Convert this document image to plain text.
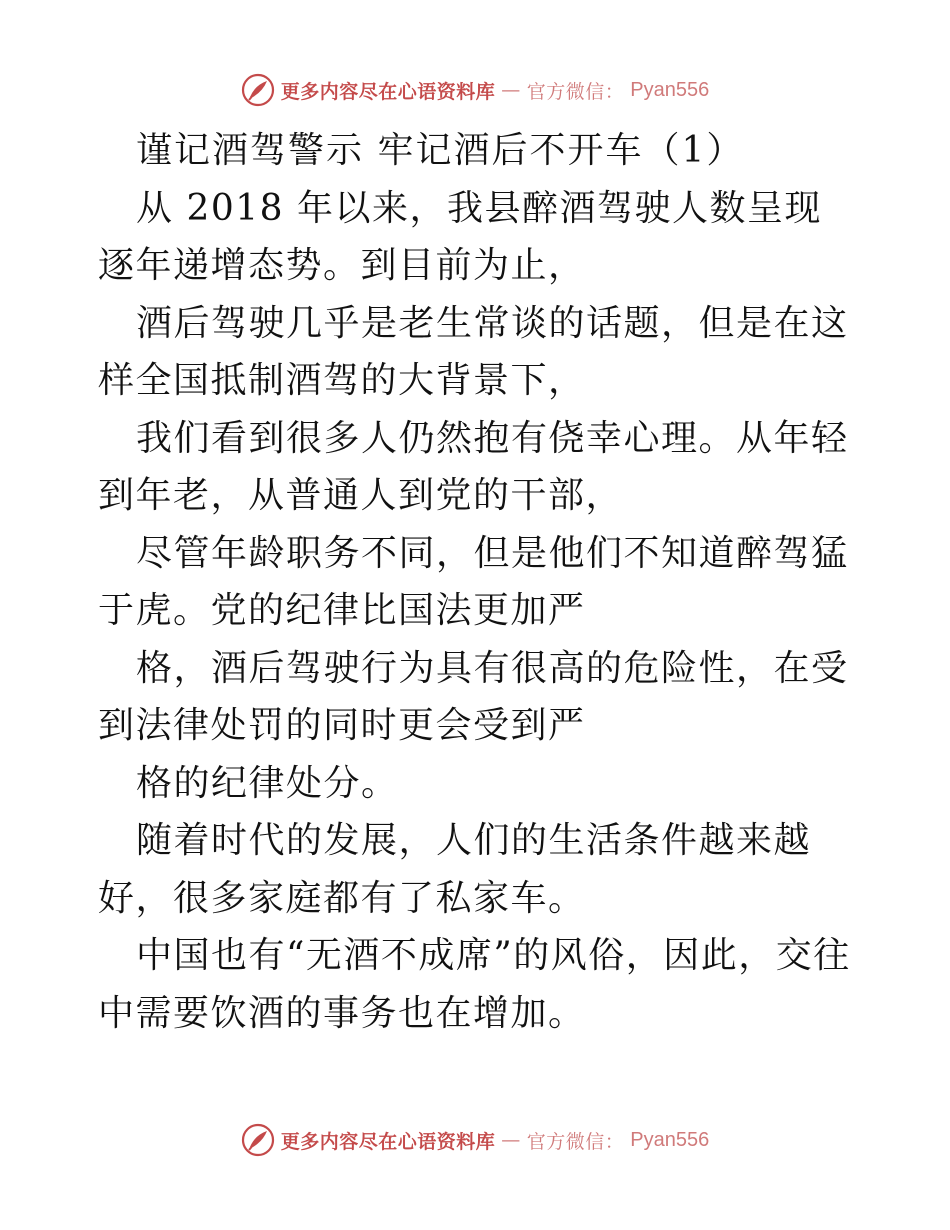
更多内容尽在心语资料库 — 官方微信： Pyan556

谨记酒驾警示 牢记酒后不开车（1）

从 2018 年以来，我县醉酒驾驶人数呈现逐年递增态势。到目前为止，

酒后驾驶几乎是老生常谈的话题，但是在这样全国抵制酒驾的大背景下，

我们看到很多人仍然抱有侥幸心理。从年轻到年老，从普通人到党的干部，

尽管年龄职务不同，但是他们不知道醉驾猛于虎。党的纪律比国法更加严

格，酒后驾驶行为具有很高的危险性，在受到法律处罚的同时更会受到严

格的纪律处分。

随着时代的发展，人们的生活条件越来越好，很多家庭都有了私家车。

中国也有“无酒不成席”的风俗，因此，交往中需要饮酒的事务也在增加。

更多内容尽在心语资料库 — 官方微信： Pyan556
